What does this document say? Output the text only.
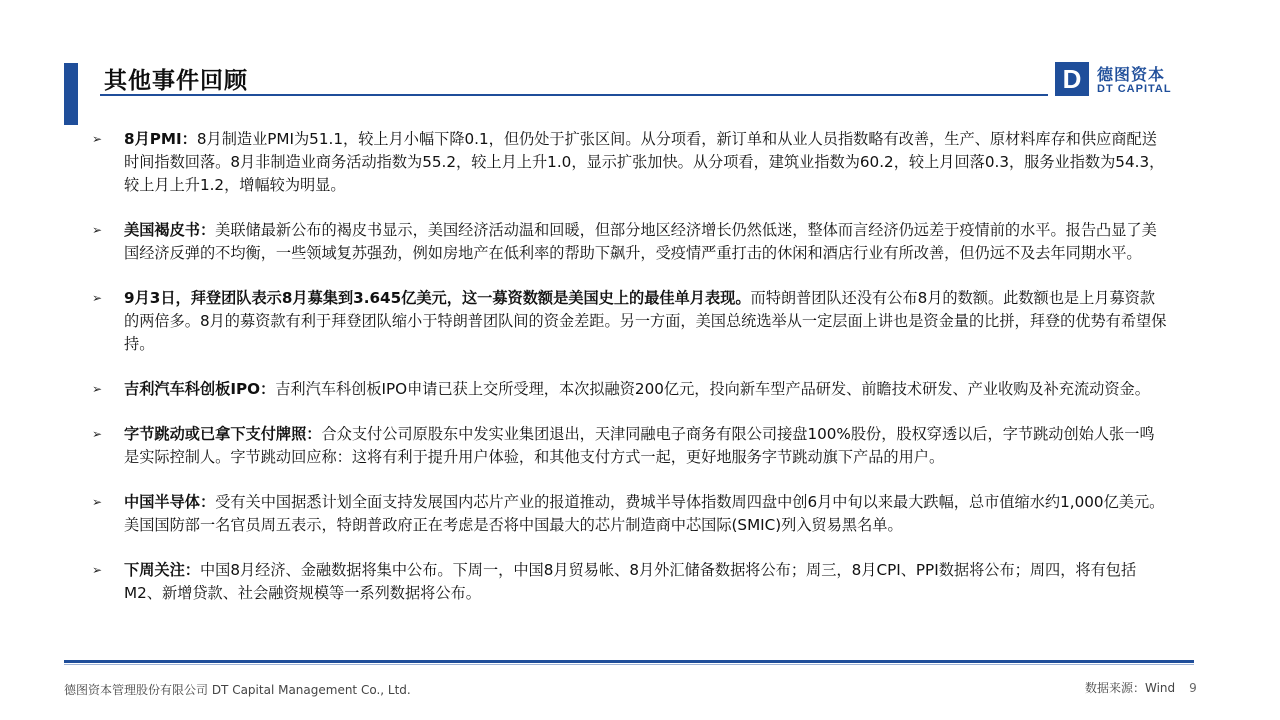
其他事件回顾	D 德图资本
DT CAPITAL
➢ 8月PMI：8月制造业PMI为51.1，较上月小幅下降0.1，但仍处于扩张区间。从分项看，新订单和从业人员指数略有改善，生产、原材料库存和供应商配送时间指数回落。8月非制造业商务活动指数为55.2，较上月上升1.0，显示扩张加快。从分项看，建筑业指数为60.2，较上月回落0.3，服务业指数为54.3，较上月上升1.2，增幅较为明显。
➢ 美国褐皮书：美联储最新公布的褐皮书显示，美国经济活动温和回暖，但部分地区经济增长仍然低迷，整体而言经济仍远差于疫情前的水平。报告凸显了美国经济反弹的不均衡，一些领域复苏强劲，例如房地产在低利率的帮助下飙升，受疫情严重打击的休闲和酒店行业有所改善，但仍远不及去年同期水平。
➢ 9月3日，拜登团队表示8月募集到3.645亿美元，这一募资数额是美国史上的最佳单月表现。而特朗普团队还没有公布8月的数额。此数额也是上月募资款的两倍多。8月的募资款有利于拜登团队缩小于特朗普团队间的资金差距。另一方面，美国总统选举从一定层面上讲也是资金量的比拼，拜登的优势有希望保持。
➢ 吉利汽车科创板IPO：吉利汽车科创板IPO申请已获上交所受理，本次拟融资200亿元，投向新车型产品研发、前瞻技术研发、产业收购及补充流动资金。
➢ 字节跳动或已拿下支付牌照：合众支付公司原股东中发实业集团退出，天津同融电子商务有限公司接盘100%股份，股权穿透以后，字节跳动创始人张一鸣是实际控制人。字节跳动回应称：这将有利于提升用户体验，和其他支付方式一起，更好地服务字节跳动旗下产品的用户。
➢ 中国半导体：受有关中国据悉计划全面支持发展国内芯片产业的报道推动，费城半导体指数周四盘中创6月中旬以来最大跌幅，总市值缩水约1,000亿美元。美国国防部一名官员周五表示，特朗普政府正在考虑是否将中国最大的芯片制造商中芯国际(SMIC)列入贸易黑名单。
➢ 下周关注：中国8月经济、金融数据将集中公布。下周一，中国8月贸易帐、8月外汇储备数据将公布；周三，8月CPI、PPI数据将公布；周四，将有包括M2、新增贷款、社会融资规模等一系列数据将公布。
德图资本管理股份有限公司 DT Capital Management Co., Ltd.	数据来源：Wind 9
